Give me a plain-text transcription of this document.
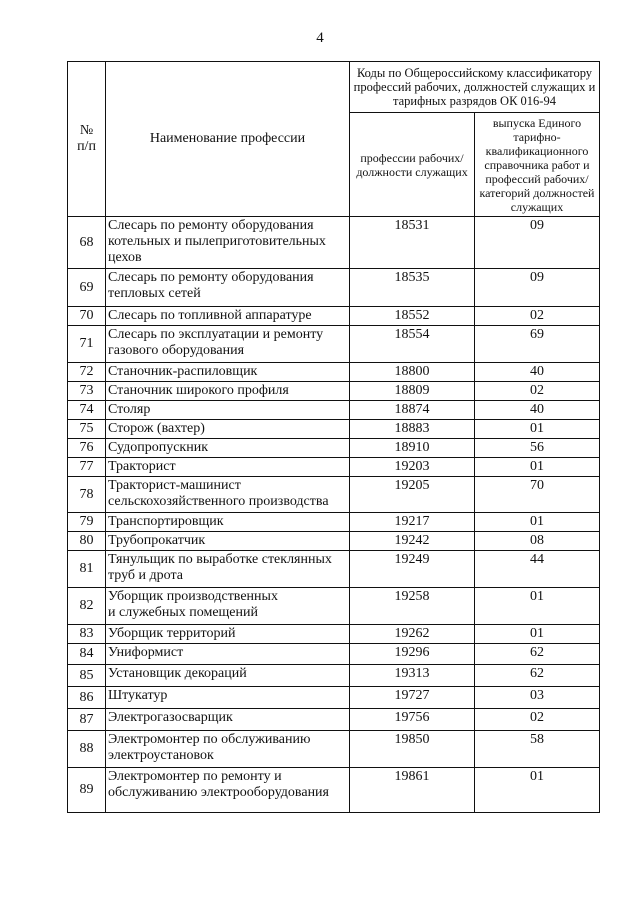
4
№
п/п	Наименование профессии	Коды по Общероссийскому классификатору профессий рабочих, должностей служащих и тарифных разрядов ОК 016-94	
		профессии рабочих/ должности служащих	выпуска Единого тарифно-квалификационного справочника работ и профессий рабочих/категорий должностей служащих
68	Слесарь по ремонту оборудования котельных и пылеприготовительных цехов	18531	09
69	Слесарь по ремонту оборудования тепловых сетей	18535	09
70	Слесарь по топливной аппаратуре	18552	02
71	Слесарь по эксплуатации и ремонту газового оборудования	18554	69
72	Станочник-распиловщик	18800	40
73	Станочник широкого профиля	18809	02
74	Столяр	18874	40
75	Сторож (вахтер)	18883	01
76	Судопропускник	18910	56
77	Тракторист	19203	01
78	Тракторист-машинист сельскохозяйственного производства	19205	70
79	Транспортировщик	19217	01
80	Трубопрокатчик	19242	08
81	Тянульщик по выработке стеклянных труб и дрота	19249	44
82	Уборщик производственных
и служебных помещений	19258	01
83	Уборщик территорий	19262	01
84	Униформист	19296	62
85	Установщик декораций	19313	62
86	Штукатур	19727	03
87	Электрогазосварщик	19756	02
88	Электромонтер по обслуживанию электроустановок	19850	58
89	Электромонтер по ремонту и обслуживанию электрооборудования	19861	01
